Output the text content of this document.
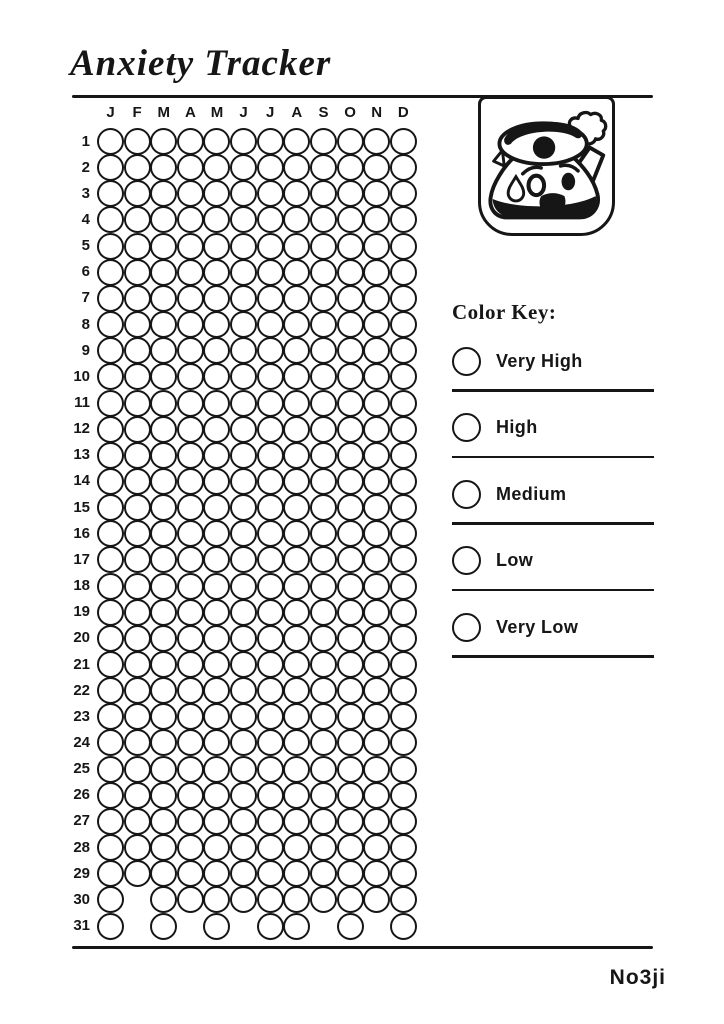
Anxiety Tracker
J	F	M A M	J	J	A	S	O	N	D
1
2
3
4
5
6
7
8
9
10
11
12
13
14
15
16
17
18
19
20
21
22
23
24
25
26
27
28
29
30
31
Color Key:
Very High
High
Medium
Low
Very Low
No3ji
